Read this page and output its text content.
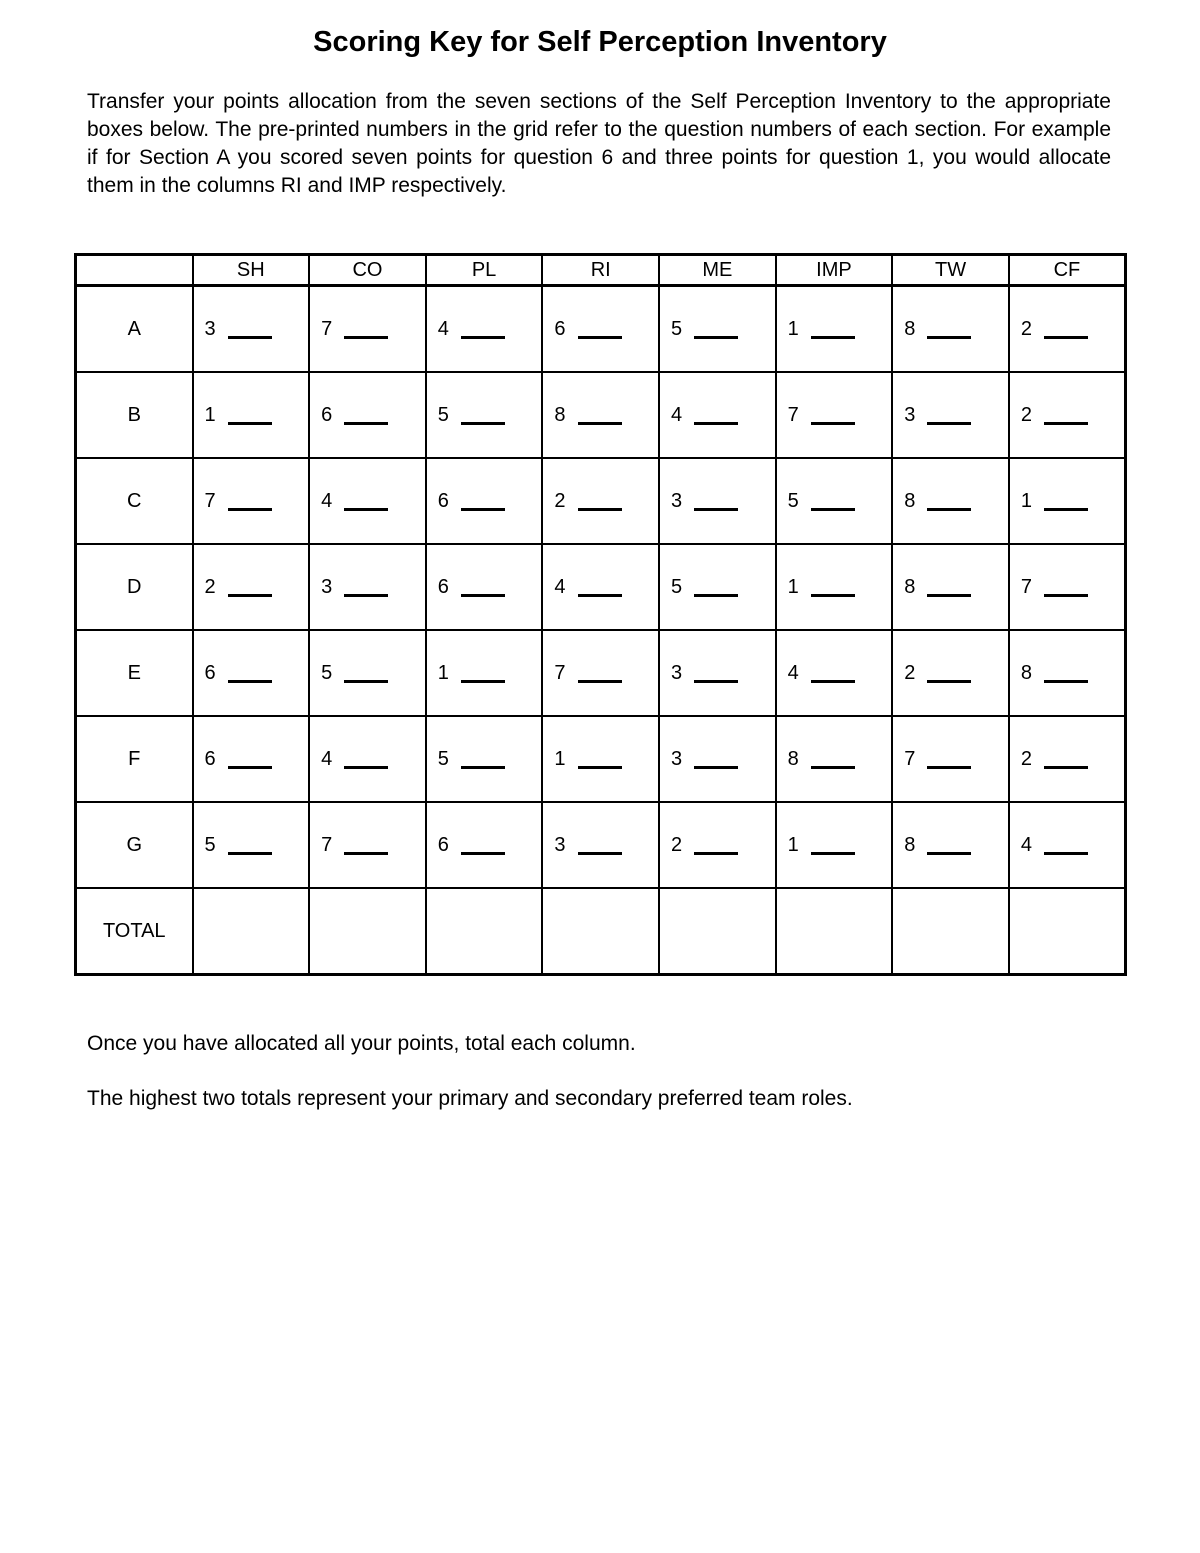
Scoring Key for Self Perception Inventory

Transfer your points allocation from the seven sections of the Self Perception Inventory to the appropriate boxes below. The pre-printed numbers in the grid refer to the question numbers of each section. For example if for Section A you scored seven points for question 6 and three points for question 1, you would allocate them in the columns RI and IMP respectively.

	SH	CO	PL	RI	ME	IMP	TW	CF
A	3	7	4	6	5	1	8	2
B	1	6	5	8	4	7	3	2
C	7	4	6	2	3	5	8	1
D	2	3	6	4	5	1	8	7
E	6	5	1	7	3	4	2	8
F	6	4	5	1	3	8	7	2
G	5	7	6	3	2	1	8	4
TOTAL								

Once you have allocated all your points, total each column.

The highest two totals represent your primary and secondary preferred team roles.
